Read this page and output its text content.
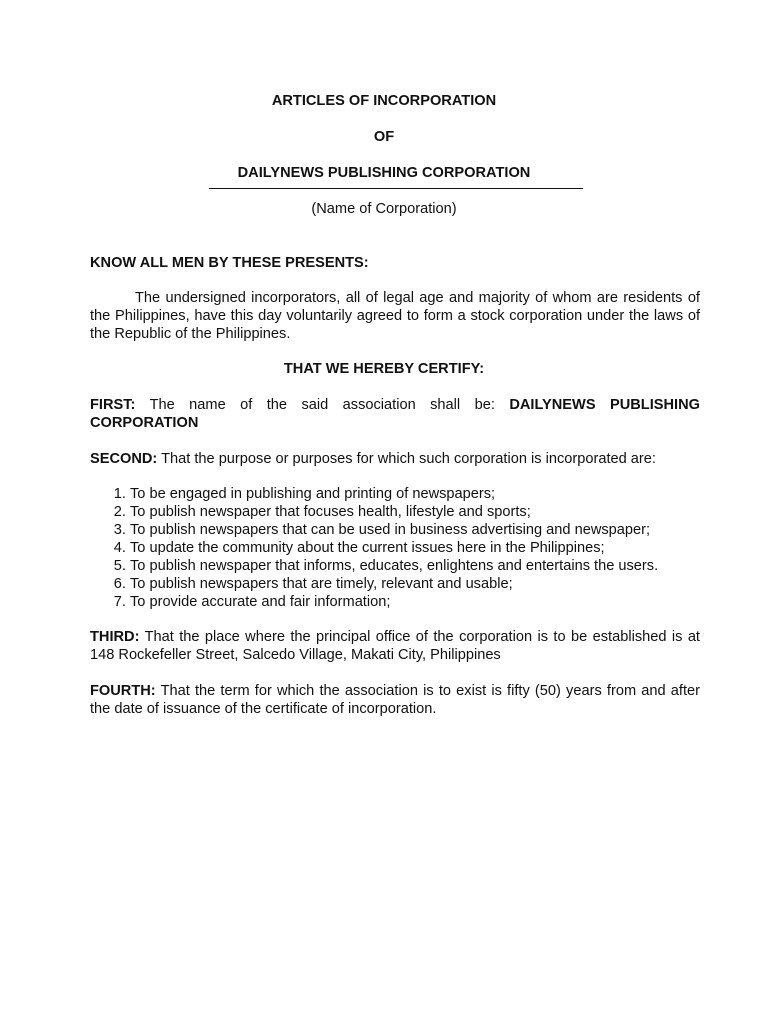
ARTICLES OF INCORPORATION
OF
DAILYNEWS PUBLISHING CORPORATION
(Name of Corporation)
KNOW ALL MEN BY THESE PRESENTS:
The undersigned incorporators, all of legal age and majority of whom are residents of the Philippines, have this day voluntarily agreed to form a stock corporation under the laws of the Republic of the Philippines.
THAT WE HEREBY CERTIFY:
FIRST: The name of the said association shall be: DAILYNEWS PUBLISHING CORPORATION
SECOND: That the purpose or purposes for which such corporation is incorporated are:
1. To be engaged in publishing and printing of newspapers;
2. To publish newspaper that focuses health, lifestyle and sports;
3. To publish newspapers that can be used in business advertising and newspaper;
4. To update the community about the current issues here in the Philippines;
5. To publish newspaper that informs, educates, enlightens and entertains the users.
6. To publish newspapers that are timely, relevant and usable;
7. To provide accurate and fair information;
THIRD: That the place where the principal office of the corporation is to be established is at 148 Rockefeller Street, Salcedo Village, Makati City, Philippines
FOURTH: That the term for which the association is to exist is fifty (50) years from and after the date of issuance of the certificate of incorporation.
